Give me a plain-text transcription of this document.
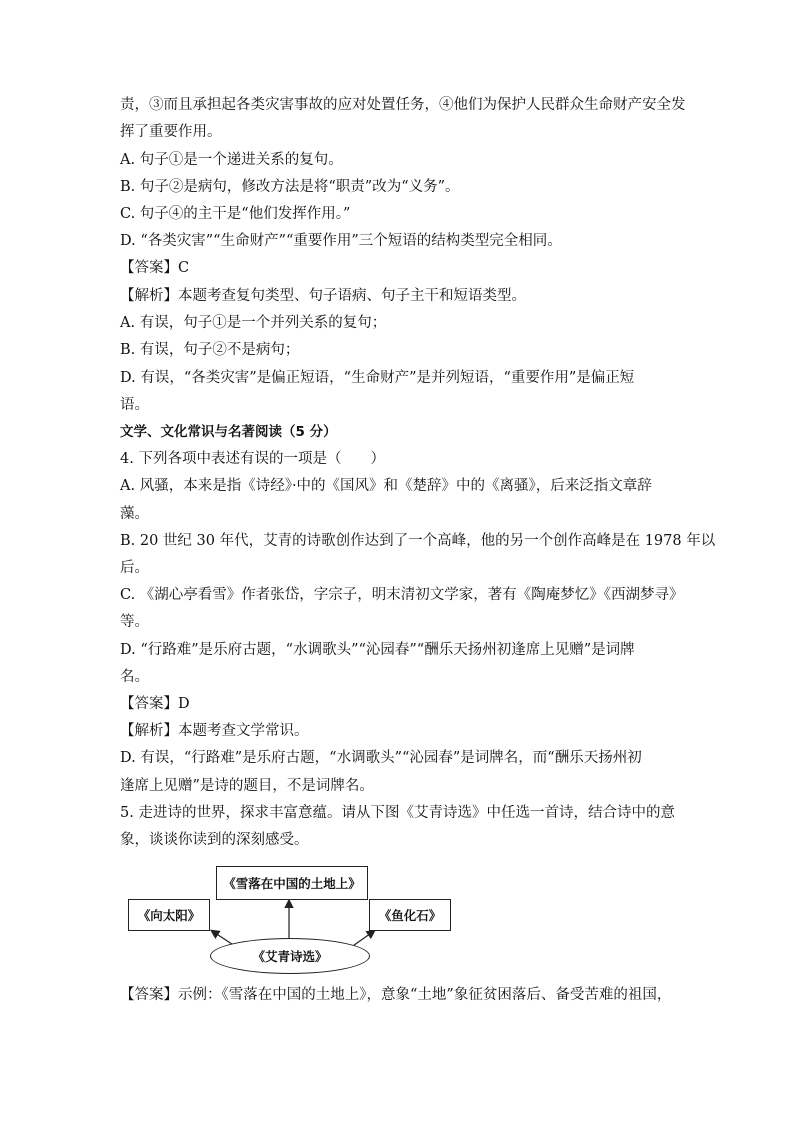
责，③而且承担起各类灾害事故的应对处置任务，④他们为保护人民群众生命财产安全发
挥了重要作用。
A. 句子①是一个递进关系的复句。
B. 句子②是病句，修改方法是将“职责”改为“义务”。
C. 句子④的主干是“他们发挥作用。”
D. “各类灾害”“生命财产”“重要作用”三个短语的结构类型完全相同。
【答案】C
【解析】本题考查复句类型、句子语病、句子主干和短语类型。
A. 有误，句子①是一个并列关系的复句；
B. 有误，句子②不是病句；
D. 有误，“各类灾害”是偏正短语，“生命财产”是并列短语，“重要作用”是偏正短
语。
文学、文化常识与名著阅读（5 分）
4. 下列各项中表述有误的一项是（　　）
A. 风骚，本来是指《诗经》·中的《国风》和《楚辞》中的《离骚》，后来泛指文章辞
藻。
B. 20 世纪 30 年代，艾青的诗歌创作达到了一个高峰，他的另一个创作高峰是在 1978 年以
后。
C. 《湖心亭看雪》作者张岱，字宗子，明末清初文学家，著有《陶庵梦忆》《西湖梦寻》
等。
D. “行路难”是乐府古题，“水调歌头”“沁园春”“酬乐天扬州初逢席上见赠”是词牌
名。
【答案】D
【解析】本题考查文学常识。
D. 有误，“行路难”是乐府古题，“水调歌头”“沁园春”是词牌名，而“酬乐天扬州初
逢席上见赠”是诗的题目，不是词牌名。
5. 走进诗的世界，探求丰富意蕴。请从下图《艾青诗选》中任选一首诗，结合诗中的意
象，谈谈你读到的深刻感受。
《雪落在中国的土地上》
《向太阳》	《鱼化石》
《艾青诗选》
【答案】示例：《雪落在中国的土地上》，意象“土地”象征贫困落后、备受苦难的祖国，
